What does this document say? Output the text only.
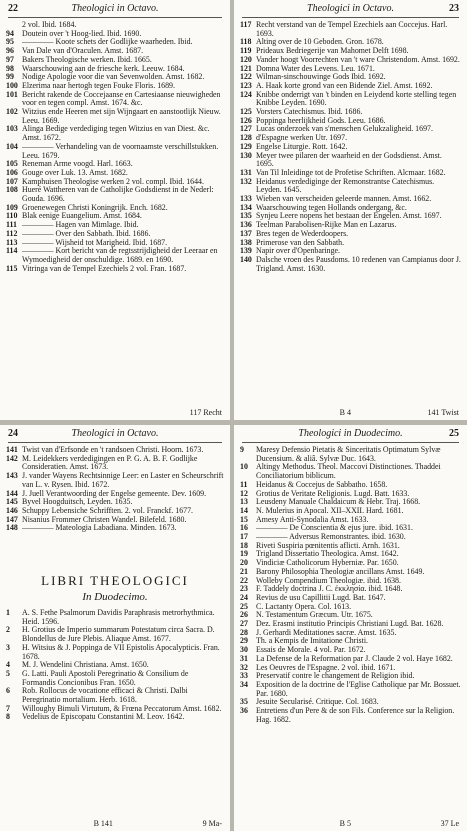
22	Theologici in Octavo.
2 vol. Ibid. 1684.
94	Doutein over 't Hoog-lied. Ibid. 1690.
95	———— Koote schets der Godlijke waarheden. Ibid.
96	Van Dale van d'Oraculen. Amst. 1687.
97	Bakers Theologische werken. Ibid. 1665.
98	Waarschouwing aan de friesche kerk. Leeuw. 1684.
99	Nodige Apologie voor die van Sevenwolden. Amst. 1682.
100 Elzerima naar hertogh tegen Fouke Floris. 1689.
101 Bericht rakende de Coccejaanse en Cartesiaanse nieuwigheden voor en tegen compl. Amst. 1674. &c.
102 Witzius ende Heeren met sijn Wijngaart en aanstootlijk Nieuw. Leeu. 1669.
103 Alinga Bedige verdediging tegen Witzius en van Diest. &c. Amst. 1672.
104 ———— Verhandeling van de voornaamste verschillstukken. Leeu. 1679.
105 Reneman Arme voogd. Harl. 1663.
106 Gouge over Luk. 13. Amst. 1682.
107 Kamphuisen Theologise werken 2 vol. compl. Ibid. 1644.
108 Hueré Wattheren van de Catholijke Godsdienst in de Nederl: Gouda. 1696.
109 Groenewegen Christi Koningrijk. Ench. 1682.
110 Blak eenige Euangelium. Amst. 1684.
111 ———— Hagen van Mimlage. Ibid.
112 ———— Over den Sabbath. Ibid. 1686.
113 ———— Wijsheid tot Marigheid. Ibid. 1687.
114 ———— Kort bericht van de regtsstrijdigheid der Leeraar en Wymoedigheid der onschuldige. 1689. en 1690.
115 Vitringa van de Tempel Ezechiels 2 vol. Fran. 1687.
117 Recht
Theologici in Octavo.	23
117 Recht verstand van de Tempel Ezechiels aan Coccejus. Harl. 1693.
118 Alting over de 10 Geboden. Gron. 1678.
119 Prideaux Bedriegerije van Mahomet Delft 1698.
120 Vander hoogt Voorrechten van 't ware Christendom. Amst. 1692.
121 Domna Water des Levens. Leu. 1671.
122 Wilman-sinschouwinge Gods Ibid. 1692.
123 A. Haak korte grond van een Bidende Ziel. Amst. 1692.
124 Knibbe onderrigt van 't binden en Leiydend korte stelling tegen Knibbe Leyden. 1690.
125 Vorsters Catechismus. Ibid. 1686.
126 Poppinga heerlijkheid Gods. Leeu. 1686.
127 Lucas onderzoek van s'menschen Gelukzaligheid. 1697.
128 d'Espagne werken Utr. 1697.
129 Engelse Liturgie. Rott. 1642.
130 Meyer twee pilaren der waarheid en der Godsdienst. Amst. 1695.
131 Van Til Inleidinge tot de Profetise Schriften. Alcmaar. 1682.
132 Heidanus verdediginge der Remonstrantse Catechismus. Leyden. 1645.
133 Wieben van verscheiden geleerde mannen. Amst. 1662.
134 Waarschouwing tegen Hollands ondergang, &c.
135 Synjeu Leere nopens het bestaan der Engelen. Amst. 1697.
136 Teelman Parabolisen-Rijke Man en Lazarus.
137 Bres tegen de Wederdoopers.
138 Primerose van den Sabbath.
139 Napir over d'Openbaringe.
140 Dalsche vroen des Pausdoms. 10 redenen van Campianus door J. Trigland. Amst. 1630.
B 4	141 Twist
24	Theologici in Octavo.
141 Twist van d'Erfsonde en 't randsoen Christi. Hoorn. 1673.
142 M. Leidekkers verdedigingen en P. G. A. B. F. Godlijke Consideratien. Amst. 1673.
143 J. vander Wayens Rechtsinnige Leer: en Laster en Scheurschrift van L. v. Rysen. Ibid. 1672.
144 J. Juell Verantwoording der Engelse gemeente. Dev. 1609.
145 Byvel Hoogduitsch, Leyden. 1635.
146 Schuppy Lebensiche Schrifften. 2. vol. Franckf. 1677.
147 Nisanius Frommer Christen Wandel. Bilefeld. 1680.
148 ———— Mateologia Labadiana. Minden. 1673.
LIBRI THEOLOGICI
In Duodecimo.
1	A. S. Fethe Psalmorum Davidis Paraphrasis metrorhythmica. Heid. 1596.
2	H. Grotius de Imperio summarum Potestatum circa Sacra. D. Blondellus de Jure Plebis. Aliaque Amst. 1677.
3	H. Witsius & J. Poppinga de VII Epistolis Apocalypticis. Fran. 1678.
4	M. J. Wendelini Christiana. Amst. 1650.
5	G. Latti. Pauli Apostoli Peregrinatio & Consilium de Formandis Concionibus Fran. 1650.
6	Rob. Rollocus de vocatione efficaci & Christi. Dalbi Peregrinatio mortalium. Herb. 1618.
7	Willoughy Bimuli Virtutum, & Frœna Peccatorum Amst. 1682.
8	Vedelius de Episcopatu Constantini M. Leov. 1642.
B 141	9 Ma-
Theologici in Duodecimo.	25
9	Maresy Defensio Pietatis & Sinceritatis Optimatum Sylvæ Ducensium. & aliâ. Sylvæ Duc. 1643.
10	Altingy Methodus. Theol. Maccovi Distinctiones. Thaddei Conciliatorium biblicum.
11	Heidanus & Coccejus de Sabbatho. 1658.
12	Grotius de Veritate Religionis. Lugd. Batt. 1633.
13	Leusdeny Manuale Chaldaicum & Hebr. Traj. 1668.
14	N. Mulerius in Apocal. XII–XXII. Hard. 1681.
15	Amesy Anti-Synodalia Amst. 1633.
16	———— De Conscientia & ejus jure. ibid. 1631.
17	———— Adversus Remonstrantes. ibid. 1630.
18	Riveti Suspiria pœnitentis aflicti. Arnh. 1631.
19	Trigland Dissertatio Theologica. Amst. 1642.
20	Vindiciæ Catholicorum Hyberniæ. Par. 1650.
21	Barony Philosophia Theologiæ ancillans Amst. 1649.
22	Wolleby Compendium Theologiæ. ibid. 1638.
23	F. Taddely doctrina J. C. ἐκκλησία. ibid. 1648.
24	Revius de usu Capillitii Lugd. Bat. 1647.
25	C. Lactanty Opera. Col. 1613.
26	N. Testamentum Græcum. Utr. 1675.
27	Dez. Erasmi institutio Principis Christiani Lugd. Bat. 1628.
28	J. Gerhardi Meditationes sacræ. Amst. 1635.
29	Th. a Kempis de Imitatione Christi.
30	Essais de Morale. 4 vol. Par. 1672.
31	La Defense de la Reformation par J. Claude 2 vol. Haye 1682.
32	Les Oeuvres de l'Espagne. 2 vol. ibid. 1671.
33	Preservatif contre le changement de Religion ibid.
34	Exposition de la doctrine de l'Eglise Catholique par Mr. Bossuet. Par. 1680.
35	Jesuite Secularisé. Critique. Col. 1683.
36	Entretiens d'un Pere & de son Fils. Conference sur la Religion. Hag. 1682.
B 5	37 Le
